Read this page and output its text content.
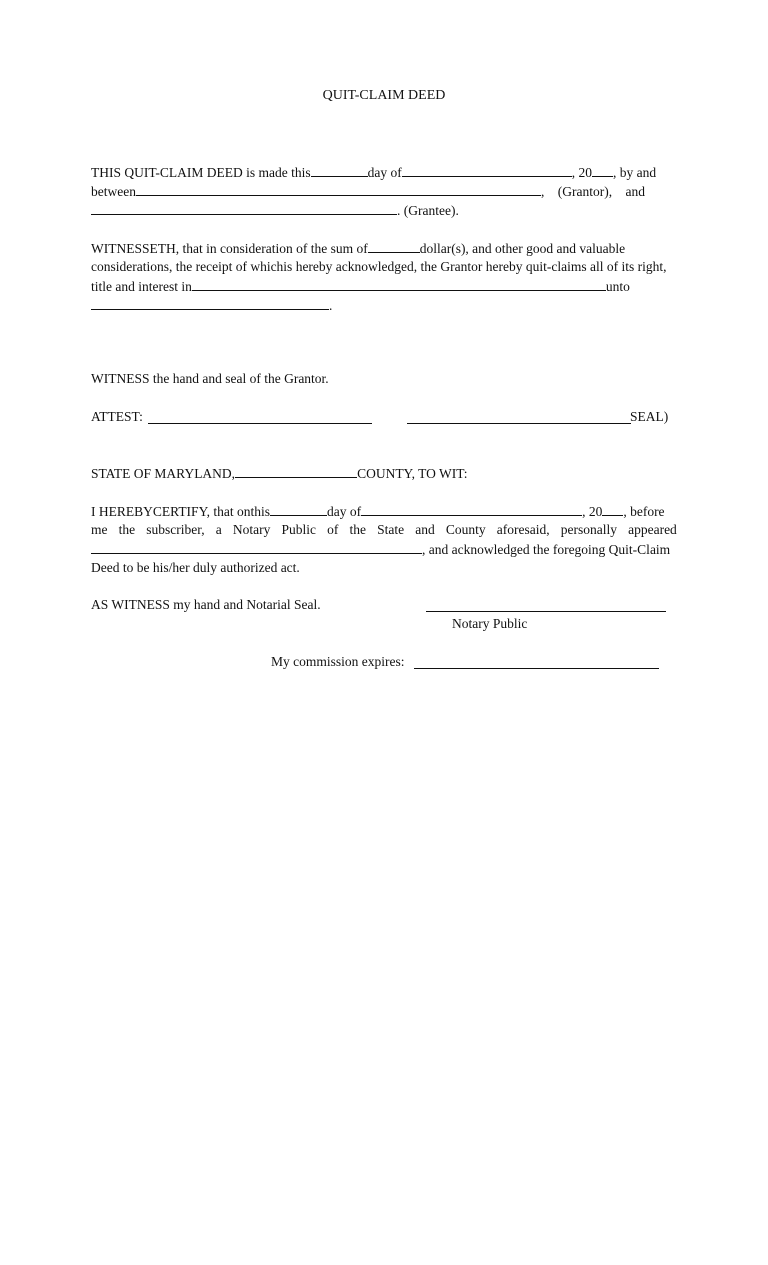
QUIT-CLAIM DEED
THIS QUIT-CLAIM DEED is made this	day of	, 20 , by and
between	, (Grantor), and
. (Grantee).
WITNESSETH, that in consideration of the sum of	dollar(s), and other good and valuable
considerations, the receipt of whichis hereby acknowledged, the Grantor hereby quit-claims all of its right,
title and interest in	unto
.
WITNESS the hand and seal of the Grantor.
ATTEST:	SEAL)
STATE OF MARYLAND,	COUNTY, TO WIT:
I HEREBYCERTIFY, that onthis	day of	, 20 , before
me the subscriber, a Notary Public of the State and County aforesaid, personally appeared
, and acknowledged the foregoing Quit-Claim
Deed to be his/her duly authorized act.
AS WITNESS my hand and Notarial Seal.
Notary Public
My commission expires:
